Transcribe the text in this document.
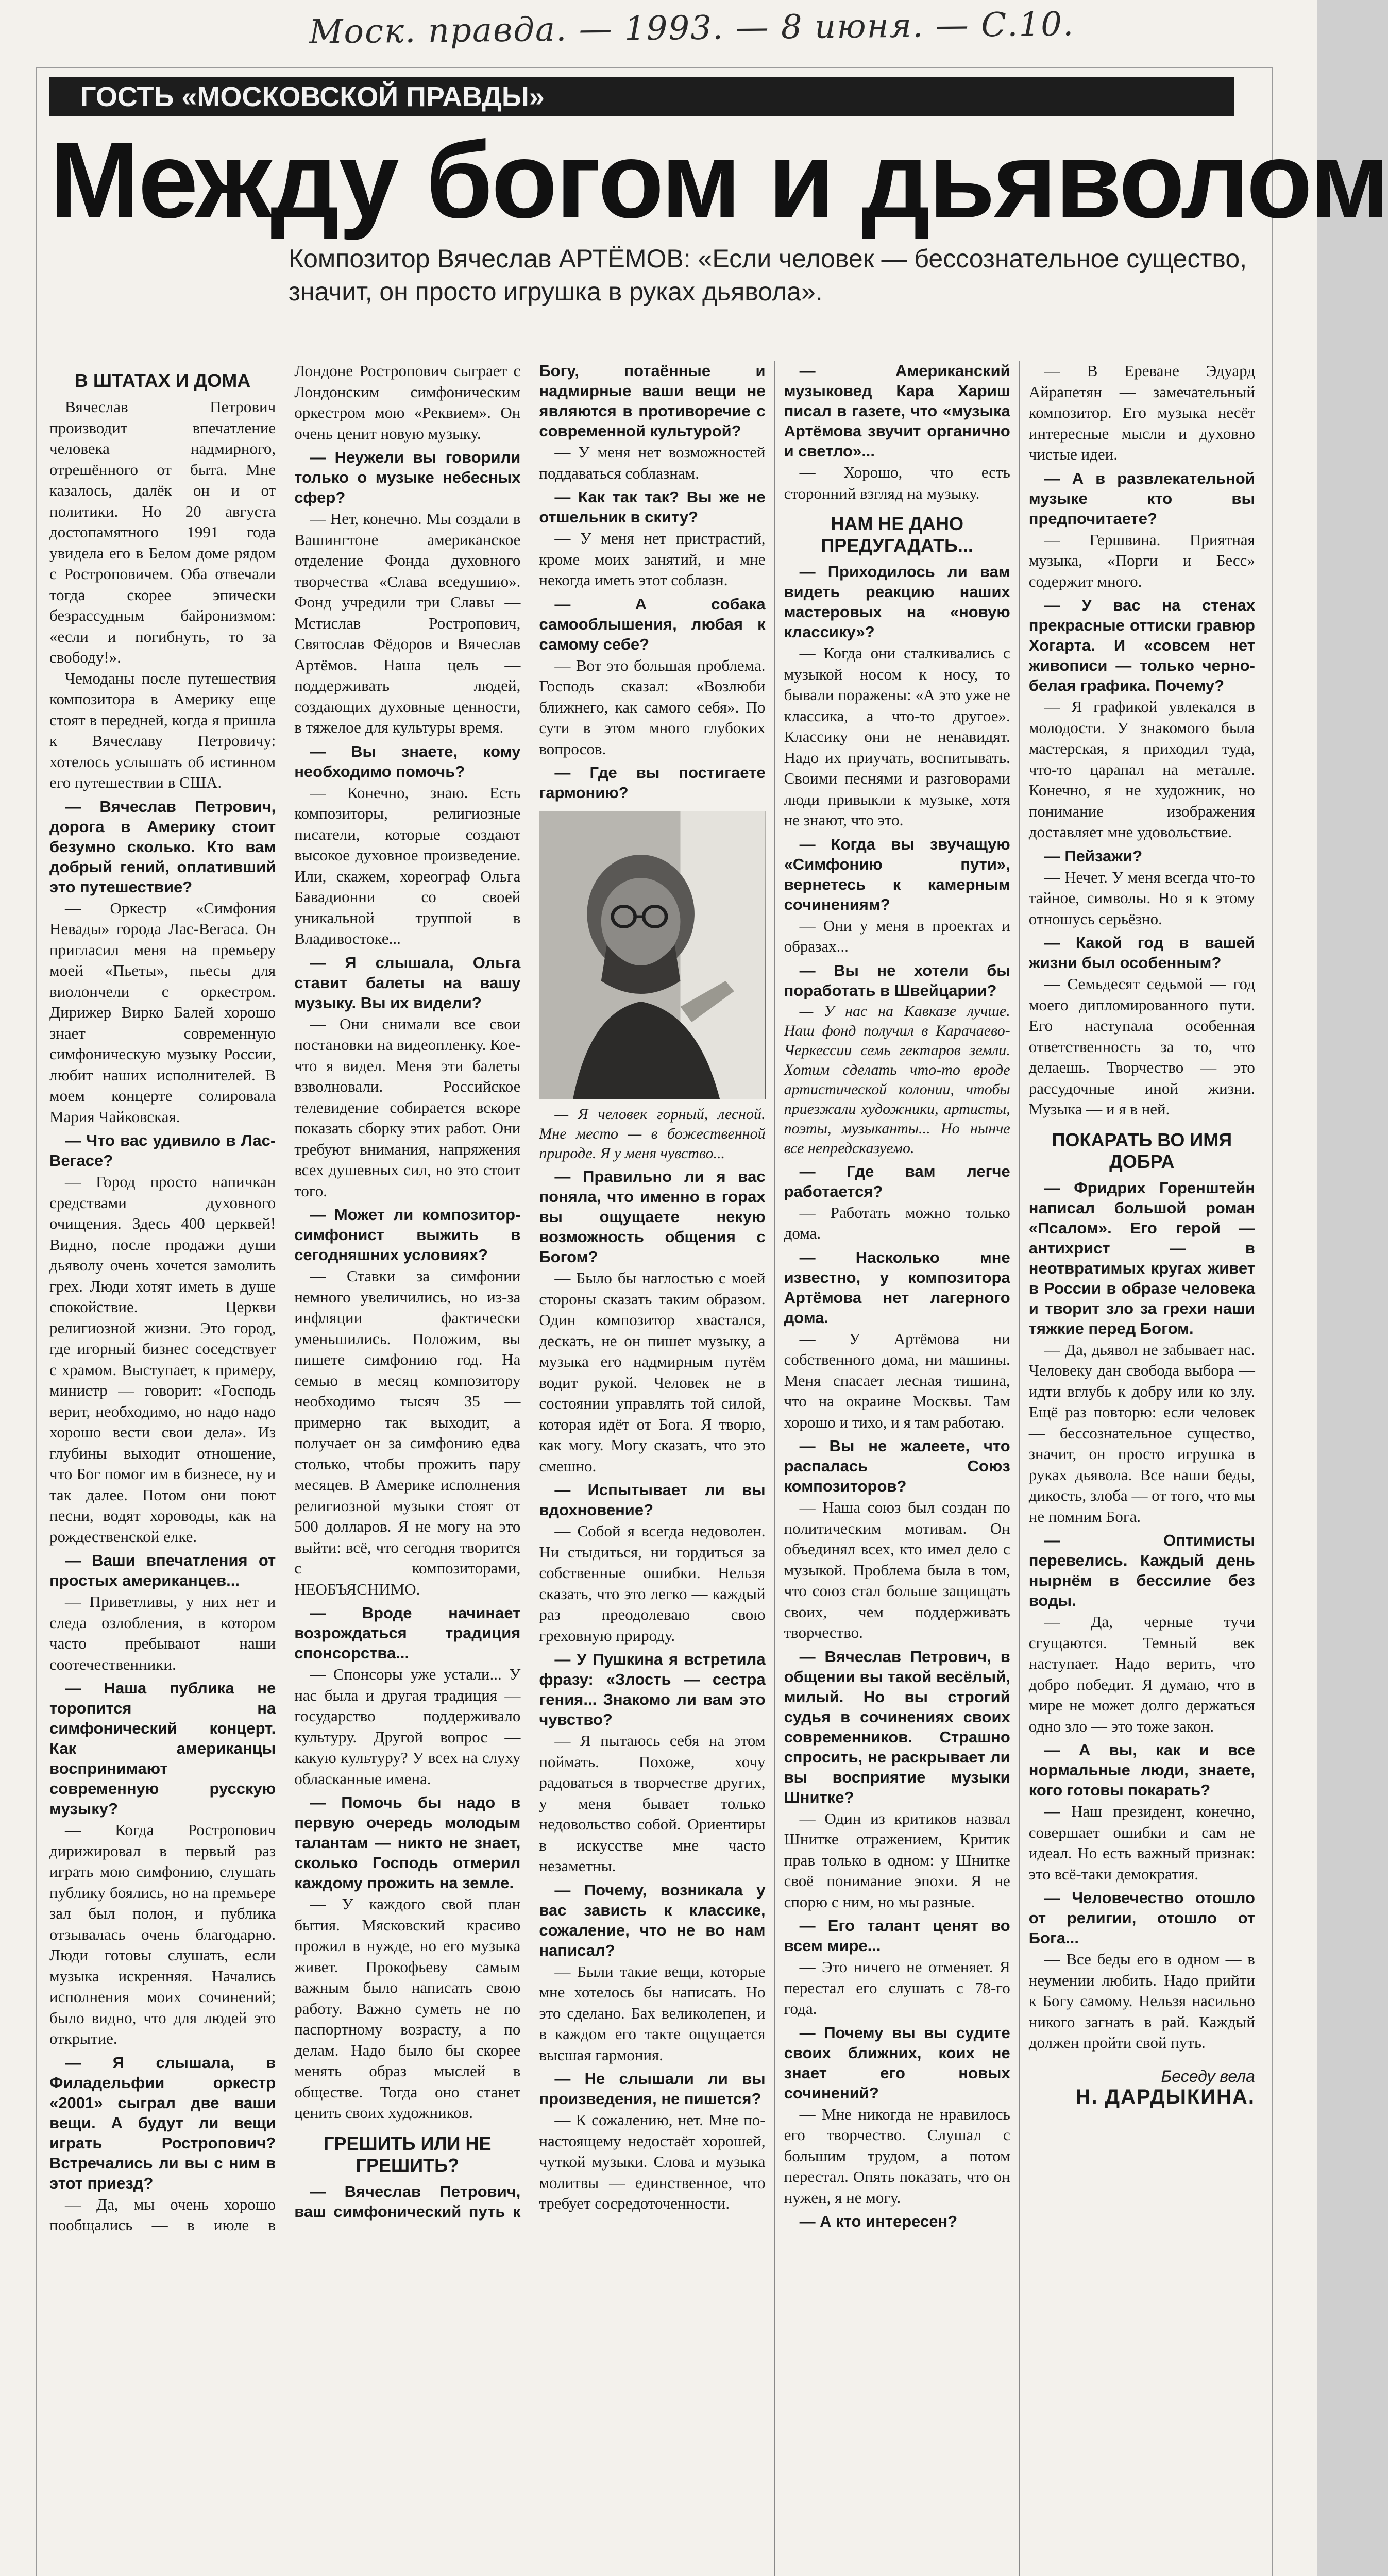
Моск. правда. — 1993. — 8 июня. — С.10.
ГОСТЬ «МОСКОВСКОЙ ПРАВДЫ»
Между богом и дьяволом
Композитор Вячеслав АРТЁМОВ: «Если человек — бессознательное существо, значит, он просто игрушка в руках дьявола».
В ШТАТАХ И ДОМА

Вячеслав Петрович производит впечатление человека надмирного, отрешённого от быта. Мне казалось, далёк он и от политики. Но 20 августа достопамятного 1991 года увидела его в Белом доме рядом с Ростроповичем. Оба отвечали тогда скорее эпически безрассудным байронизмом: «если и погибнуть, то за свободу!».

Чемоданы после путешествия композитора в Америку еще стоят в передней, когда я пришла к Вячеславу Петровичу: хотелось услышать об истинном его путешествии в США.

— Вячеслав Петрович, дорога в Америку стоит безумно сколько. Кто вам добрый гений, оплативший это путешествие?

— Оркестр «Симфония Невады» города Лас-Вегаса. Он пригласил меня на премьеру моей «Пьеты», пьесы для виолончели с оркестром. Дирижер Вирко Балей хорошо знает современную симфоническую музыку России, любит наших исполнителей. В моем концерте солировала Мария Чайковская.

— Что вас удивило в Лас-Вегасе?

— Город просто напичкан средствами духовного очищения. Здесь 400 церквей! Видно, после продажи души дьяволу очень хочется замолить грех. Люди хотят иметь в душе спокойствие. Церкви религиозной жизни. Это город, где игорный бизнес соседствует с храмом. Выступает, к примеру, министр — говорит: «Господь верит, необходимо, но надо надо хорошо вести свои дела». Из глубины выходит отношение, что Бог помог им в бизнесе, ну и так далее. Потом они поют песни, водят хороводы, как на рождественской елке.

— Ваши впечатления от простых американцев...

— Приветливы, у них нет и следа озлобления, в котором часто пребывают наши соотечественники.

— Наша публика не торопится на симфонический концерт. Как американцы воспринимают современную русскую музыку?

— Когда Ростропович дирижировал в первый раз играть мою симфонию, слушать публику боялись, но на премьере зал был полон, и публика отзывалась очень благодарно. Люди готовы слушать, если музыка искренняя. Начались исполнения моих сочинений; было видно, что для людей это открытие.

— Я слышала, в Филадельфии оркестр «2001» сыграл две ваши вещи. А будут ли вещи играть Ростропович? Встречались ли вы с ним в этот приезд?

— Да, мы очень хорошо пообщались — в июле в Лондоне Ростропович сыграет с Лондонским симфоническим оркестром мою «Реквием». Он очень ценит новую музыку.

— Неужели вы говорили только о музыке небесных сфер?

— Нет, конечно. Мы создали в Вашингтоне американское отделение Фонда духовного творчества «Слава вседушию». Фонд учредили три Славы — Мстислав Ростропович, Святослав Фёдоров и Вячеслав Артёмов. Наша цель — поддерживать людей, создающих духовные ценности, в тяжелое для культуры время.

— Вы знаете, кому необходимо помочь?

— Конечно, знаю. Есть композиторы, религиозные писатели, которые создают высокое духовное произведение. Или, скажем, хореограф Ольга Бавадионни со своей уникальной труппой в Владивостоке...

— Я слышала, Ольга ставит балеты на вашу музыку. Вы их видели?

— Они снимали все свои постановки на видеопленку. Кое-что я видел. Меня эти балеты взволновали. Российское телевидение собирается вскоре показать сборку этих работ. Они требуют внимания, напряжения всех душевных сил, но это стоит того.

— Может ли композитор-симфонист выжить в сегодняшних условиях?

— Ставки за симфонии немного увеличились, но из-за инфляции фактически уменьшились. Положим, вы пишете симфонию год. На семью в месяц композитору необходимо тысяч 35 — примерно так выходит, а получает он за симфонию едва столько, чтобы прожить пару месяцев. В Америке исполнения религиозной музыки стоят от 500 долларов. Я не могу на это выйти: всё, что сегодня творится с композиторами, НЕОБЪЯСНИМО.

— Вроде начинает возрождаться традиция спонсорства...

— Спонсоры уже устали... У нас была и другая традиция — государство поддерживало культуру. Другой вопрос — какую культуру? У всех на слуху обласканные имена.

— Помочь бы надо в первую очередь молодым талантам — никто не знает, сколько Господь отмерил каждому прожить на земле.

— У каждого свой план бытия. Мясковский красиво прожил в нужде, но его музыка живет. Прокофьеву самым важным было написать свою работу. Важно суметь не по паспортному возрасту, а по делам. Надо было бы скорее менять образ мыслей в обществе. Тогда оно станет ценить своих художников.

ГРЕШИТЬ ИЛИ НЕ ГРЕШИТЬ?

— Вячеслав Петрович, ваш симфонический путь к Богу, потаённые и надмирные ваши вещи не являются в противоречие с современной культурой?

— У меня нет возможностей поддаваться соблазнам.

— Как так так? Вы же не отшельник в скиту?

— У меня нет пристрастий, кроме моих занятий, и мне некогда иметь этот соблазн.

— А собака самооблышения, любая к самому себе?

— Вот это большая проблема. Господь сказал: «Возлюби ближнего, как самого себя». По сути в этом много глубоких вопросов.

— Где вы постигаете гармонию?

— Я человек горный, лесной. Мне место — в божественной природе. Я у меня чувство...

— Правильно ли я вас поняла, что именно в горах вы ощущаете некую возможность общения с Богом?

— Было бы наглостью с моей стороны сказать таким образом. Один композитор хвастался, дескать, не он пишет музыку, а музыка его надмирным путём водит рукой. Человек не в состоянии управлять той силой, которая идёт от Бога. Я творю, как могу. Могу сказать, что это смешно.

— Испытывает ли вы вдохновение?

— Собой я всегда недоволен. Ни стыдиться, ни гордиться за собственные ошибки. Нельзя сказать, что это легко — каждый раз преодолеваю свою греховную природу.

— У Пушкина я встретила фразу: «Злость — сестра гения... Знакомо ли вам это чувство?

— Я пытаюсь себя на этом поймать. Похоже, хочу радоваться в творчестве других, у меня бывает только недовольство собой. Ориентиры в искусстве мне часто незаметны.

— Почему, возникала у вас зависть к классике, сожаление, что не во нам написал?

— Были такие вещи, которые мне хотелось бы написать. Но это сделано. Бах великолепен, и в каждом его такте ощущается высшая гармония.

— Не слышали ли вы произведения, не пишется?

— К сожалению, нет. Мне по-настоящему недостаёт хорошей, чуткой музыки. Слова и музыка молитвы — единственное, что требует сосредоточенности.

— Американский музыковед Кара Хариш писал в газете, что «музыка Артёмова звучит органично и светло»...

— Хорошо, что есть сторонний взгляд на музыку.

НАМ НЕ ДАНО ПРЕДУГАДАТЬ...

— Приходилось ли вам видеть реакцию наших мастеровых на «новую классику»?

— Когда они сталкивались с музыкой носом к носу, то бывали поражены: «А это уже не классика, а что-то другое». Классику они не ненавидят. Надо их приучать, воспитывать. Своими песнями и разговорами люди привыкли к музыке, хотя не знают, что это.

— Когда вы звучащую «Симфонию пути», вернетесь к камерным сочинениям?

— Они у меня в проектах и образах...

— Вы не хотели бы поработать в Швейцарии?

— У нас на Кавказе лучше. Наш фонд получил в Карачаево-Черкессии семь гектаров земли. Хотим сделать что-то вроде артистической колонии, чтобы приезжали художники, артисты, поэты, музыканты... Но нынче все непредсказуемо.

— Где вам легче работается?

— Работать можно только дома.

— Насколько мне известно, у композитора Артёмова нет лагерного дома.

— У Артёмова ни собственного дома, ни машины. Меня спасает лесная тишина, что на окраине Москвы. Там хорошо и тихо, и я там работаю.

— Вы не жалеете, что распалась Союз композиторов?

— Наша союз был создан по политическим мотивам. Он объединял всех, кто имел дело с музыкой. Проблема была в том, что союз стал больше защищать своих, чем поддерживать творчество.

— Вячеслав Петрович, в общении вы такой весёлый, милый. Но вы строгий судья в сочинениях своих современников. Страшно спросить, не раскрывает ли вы восприятие музыки Шнитке?

— Один из критиков назвал Шнитке отражением, Критик прав только в одном: у Шнитке своё понимание эпохи. Я не спорю с ним, но мы разные.

— Его талант ценят во всем мире...

— Это ничего не отменяет. Я перестал его слушать с 78-го года.

— Почему вы вы судите своих ближних, коих не знает его новых сочинений?

— Мне никогда не нравилось его творчество. Слушал с большим трудом, а потом перестал. Опять показать, что он нужен, я не могу.

— А кто интересен?

— В Ереване Эдуард Айрапетян — замечательный композитор. Его музыка несёт интересные мысли и духовно чистые идеи.

— А в развлекательной музыке кто вы предпочитаете?

— Гершвина. Приятная музыка, «Порги и Бесс» содержит много.

— У вас на стенах прекрасные оттиски гравюр Хогарта. И «совсем нет живописи — только черно-белая графика. Почему?

— Я графикой увлекался в молодости. У знакомого была мастерская, я приходил туда, что-то царапал на металле. Конечно, я не художник, но понимание изображения доставляет мне удовольствие.

— Пейзажи?

— Нечет. У меня всегда что-то тайное, символы. Но я к этому отношусь серьёзно.

— Какой год в вашей жизни был особенным?

— Семьдесят седьмой — год моего дипломированного пути. Его наступала особенная ответственность за то, что делаешь. Творчество — это рассудочные иной жизни. Музыка — и я в ней.

ПОКАРАТЬ ВО ИМЯ ДОБРА

— Фридрих Горенштейн написал большой роман «Псалом». Его герой — антихрист — в неотвратимых кругах живет в России в образе человека и творит зло за грехи наши тяжкие перед Богом.

— Да, дьявол не забывает нас. Человеку дан свобода выбора — идти вглубь к добру или ко злу. Ещё раз повторю: если человек — бессознательное существо, значит, он просто игрушка в руках дьявола. Все наши беды, дикость, злоба — от того, что мы не помним Бога.

— Оптимисты перевелись. Каждый день нырнём в бессилие без воды.

— Да, черные тучи сгущаются. Темный век наступает. Надо верить, что добро победит. Я думаю, что в мире не может долго держаться одно зло — это тоже закон.

— А вы, как и все нормальные люди, знаете, кого готовы покарать?

— Наш президент, конечно, совершает ошибки и сам не идеал. Но есть важный признак: это всё-таки демократия.

— Человечество отошло от религии, отошло от Бога...

— Все беды его в одном — в неумении любить. Надо прийти к Богу самому. Нельзя насильно никого загнать в рай. Каждый должен пройти свой путь.

Беседу вела
Н. ДАРДЫКИНА.
